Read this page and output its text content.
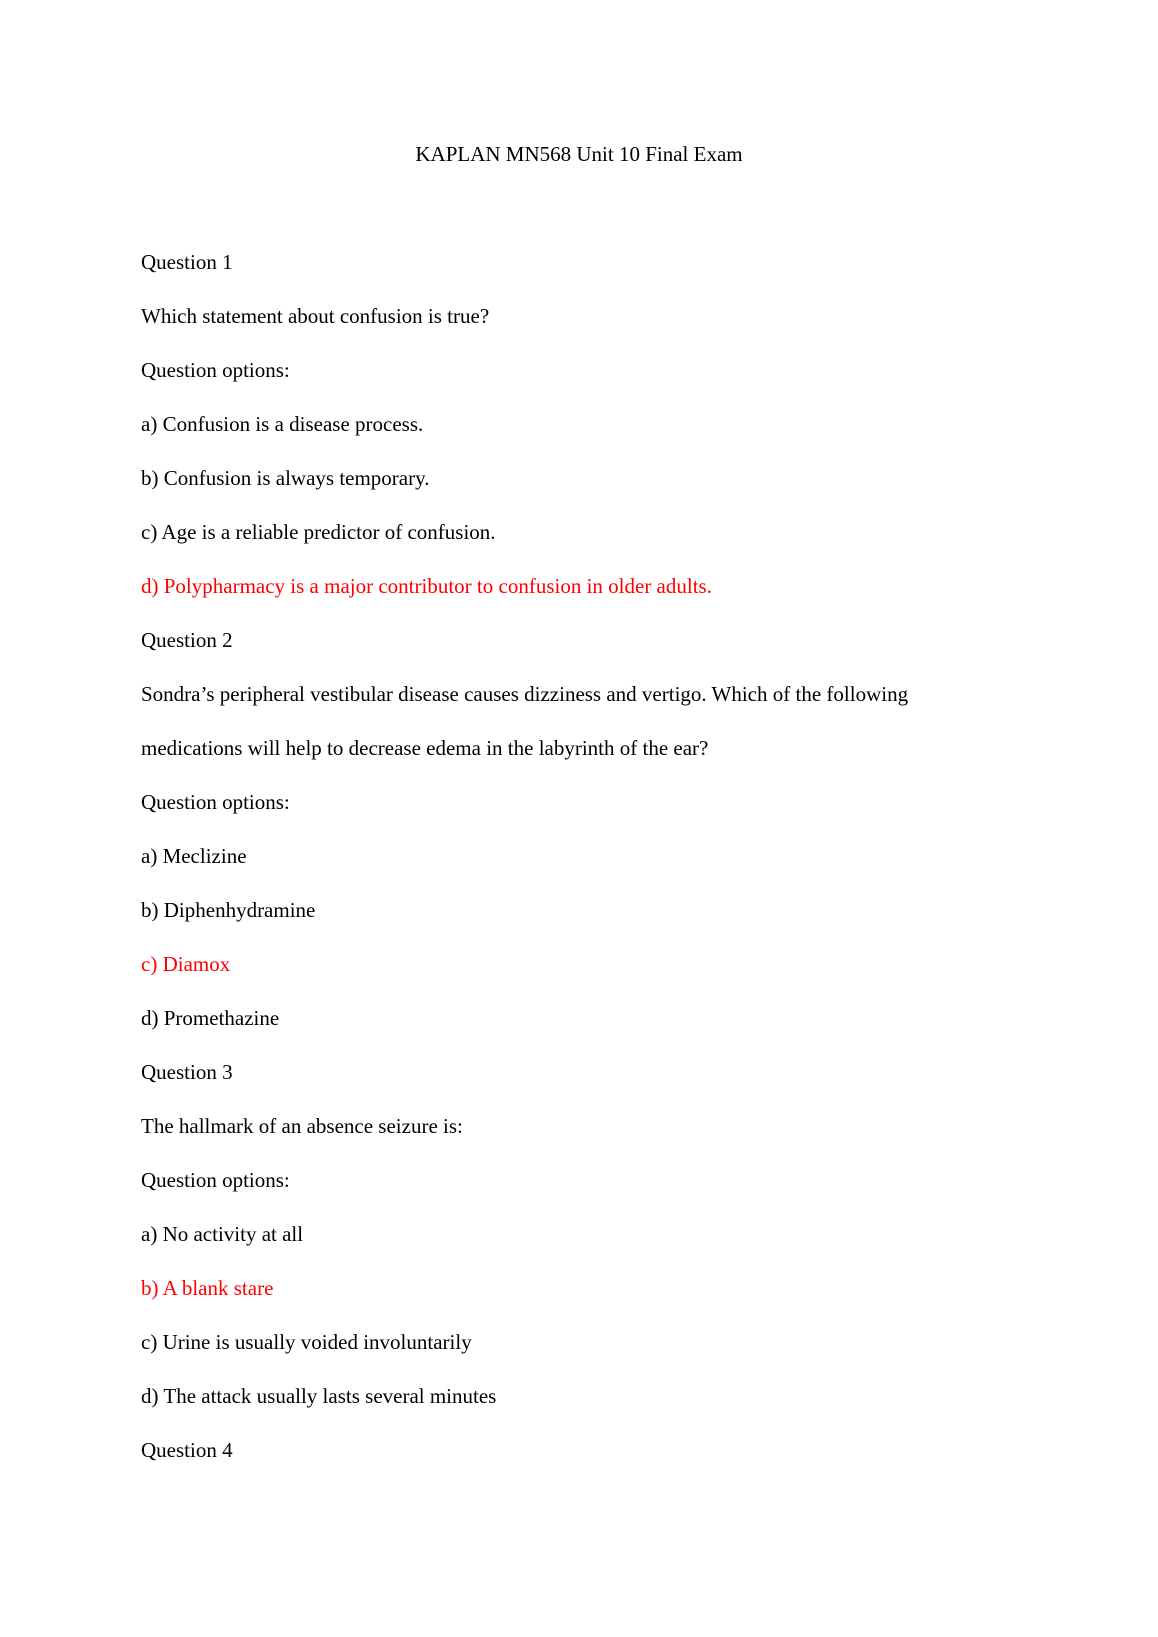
KAPLAN MN568 Unit 10 Final Exam
Question 1
Which statement about confusion is true?
Question options:
a) Confusion is a disease process.
b) Confusion is always temporary.
c) Age is a reliable predictor of confusion.
d) Polypharmacy is a major contributor to confusion in older adults.
Question 2
Sondra’s peripheral vestibular disease causes dizziness and vertigo. Which of the following
medications will help to decrease edema in the labyrinth of the ear?
Question options:
a) Meclizine
b) Diphenhydramine
c) Diamox
d) Promethazine
Question 3
The hallmark of an absence seizure is:
Question options:
a) No activity at all
b) A blank stare
c) Urine is usually voided involuntarily
d) The attack usually lasts several minutes
Question 4
